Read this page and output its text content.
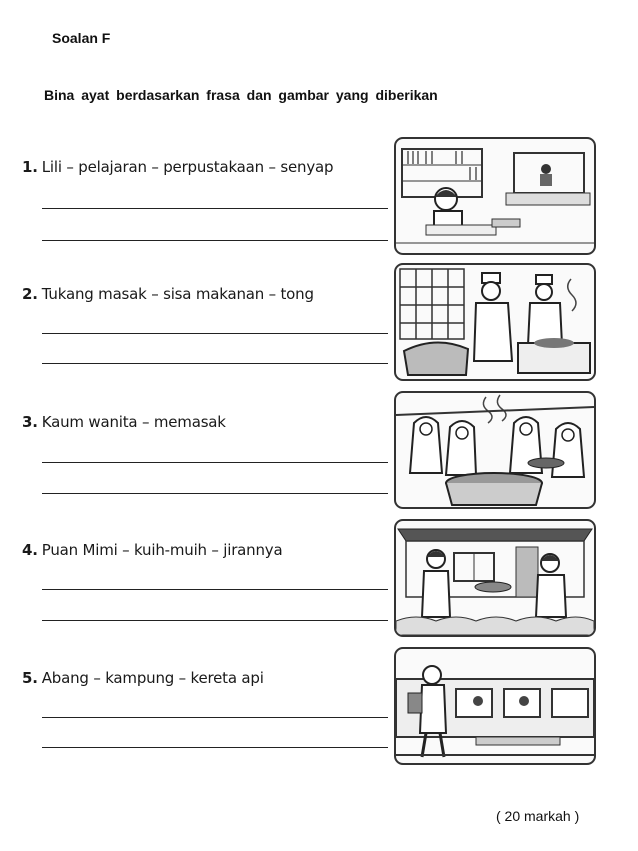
Soalan F
Bina ayat berdasarkan frasa dan gambar yang diberikan
1. Lili – pelajaran – perpustakaan – senyap
2. Tukang masak – sisa makanan – tong
3. Kaum wanita – memasak
4. Puan Mimi – kuih-muih – jirannya
5. Abang – kampung – kereta api
( 20 markah )
